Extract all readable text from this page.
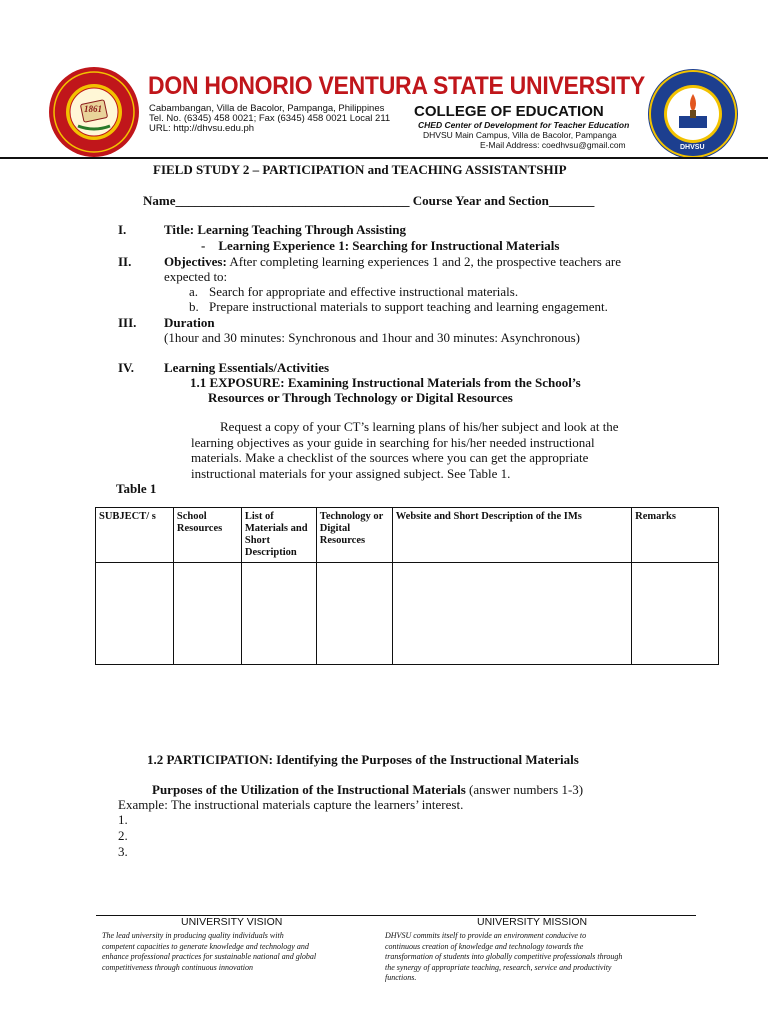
1861
DON HONORIO VENTURA STATE UNIVERSITY
Cabambangan, Villa de Bacolor, Pampanga, Philippines
Tel. No. (6345) 458 0021; Fax (6345) 458 0021 Local 211
URL: http://dhvsu.edu.ph
COLLEGE OF EDUCATION
CHED Center of Development for Teacher Education
DHVSU Main Campus, Villa de Bacolor, Pampanga
E-Mail Address: coedhvsu@gmail.com	DHVSU
FIELD STUDY 2 – PARTICIPATION and TEACHING ASSISTANTSHIP
Name____________________________________ Course Year and Section_______
I.	Title: Learning Teaching Through Assisting
-    Learning Experience 1: Searching for Instructional Materials
II.	Objectives: After completing learning experiences 1 and 2, the prospective teachers are
expected to:
a. Search for appropriate and effective instructional materials.
b. Prepare instructional materials to support teaching and learning engagement.
III. Duration
(1hour and 30 minutes: Synchronous and 1hour and 30 minutes: Asynchronous)
IV. Learning Essentials/Activities
1.1 EXPOSURE: Examining Instructional Materials from the School’s
Resources or Through Technology or Digital Resources
Request a copy of your CT’s learning plans of his/her subject and look at the
learning objectives as your guide in searching for his/her needed instructional
materials. Make a checklist of the sources where you can get the appropriate
instructional materials for your assigned subject. See Table 1.
Table 1
SUBJECT/ s	School Resources	List of Materials and Short Description	Technology or Digital Resources	Website and Short Description of the IMs	Remarks

1.2 PARTICIPATION: Identifying the Purposes of the Instructional Materials
Purposes of the Utilization of the Instructional Materials (answer numbers 1-3)
Example: The instructional materials capture the learners’ interest.
1.
2.
3.
UNIVERSITY VISION	UNIVERSITY MISSION
The lead university in producing quality individuals with
competent capacities to generate knowledge and technology and
enhance professional practices for sustainable national and global
competitiveness through continuous innovation
DHVSU commits itself to provide an environment conducive to
continuous creation of knowledge and technology towards the
transformation of students into globally competitive professionals through
the synergy of appropriate teaching, research, service and productivity
functions.
